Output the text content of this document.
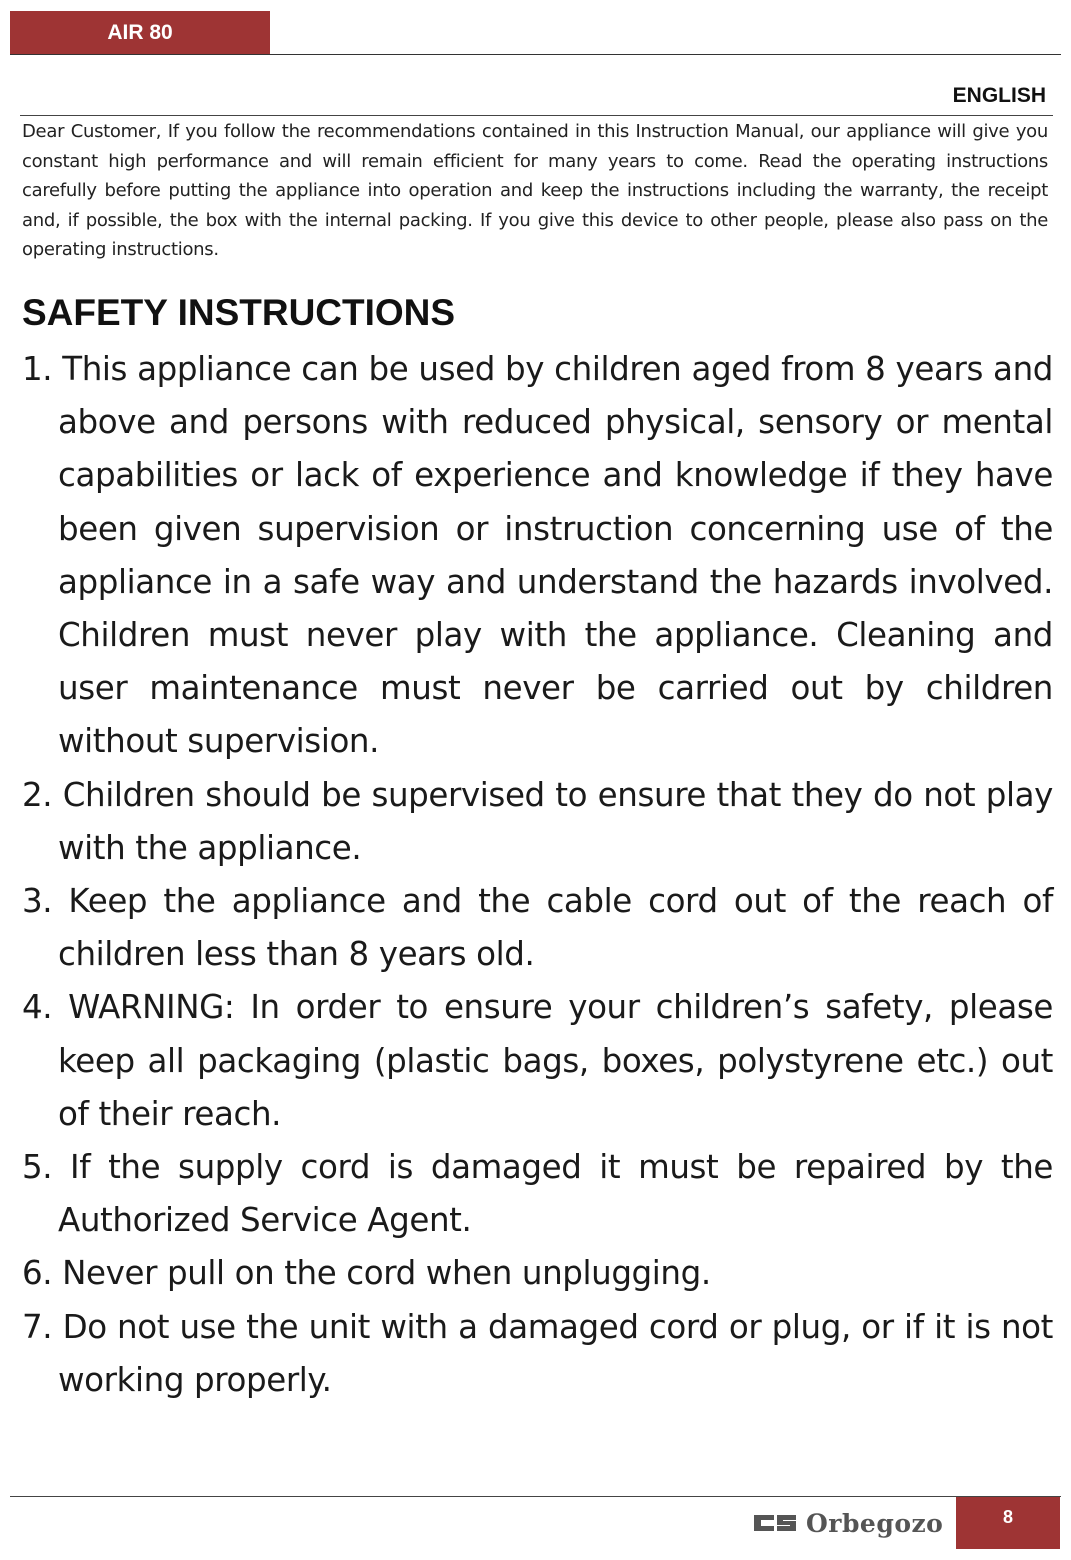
AIR 80
ENGLISH

Dear Customer, If you follow the recommendations contained in this Instruction Manual, our appliance will give you constant high performance and will remain efficient for many years to come. Read the operating instructions carefully before putting the appliance into operation and keep the instructions including the warranty, the receipt and, if possible, the box with the internal packing. If you give this device to other people, please also pass on the operating instructions.

SAFETY INSTRUCTIONS
1. This appliance can be used by children aged from 8 years and above and persons with reduced physical, sensory or mental capabilities or lack of experience and knowledge if they have been given supervision or instruction concerning use of the appliance in a safe way and understand the hazards involved. Children must never play with the appliance. Cleaning and user maintenance must never be carried out by children without supervision.
2. Children should be supervised to ensure that they do not play with the appliance.
3. Keep the appliance and the cable cord out of the reach of children less than 8 years old.
4. WARNING: In order to ensure your children’s safety, please keep all packaging (plastic bags, boxes, polystyrene etc.) out of their reach.
5. If the supply cord is damaged it must be repaired by the Authorized Service Agent.
6. Never pull on the cord when unplugging.
7. Do not use the unit with a damaged cord or plug, or if it is not working properly.
Orbegozo	8
